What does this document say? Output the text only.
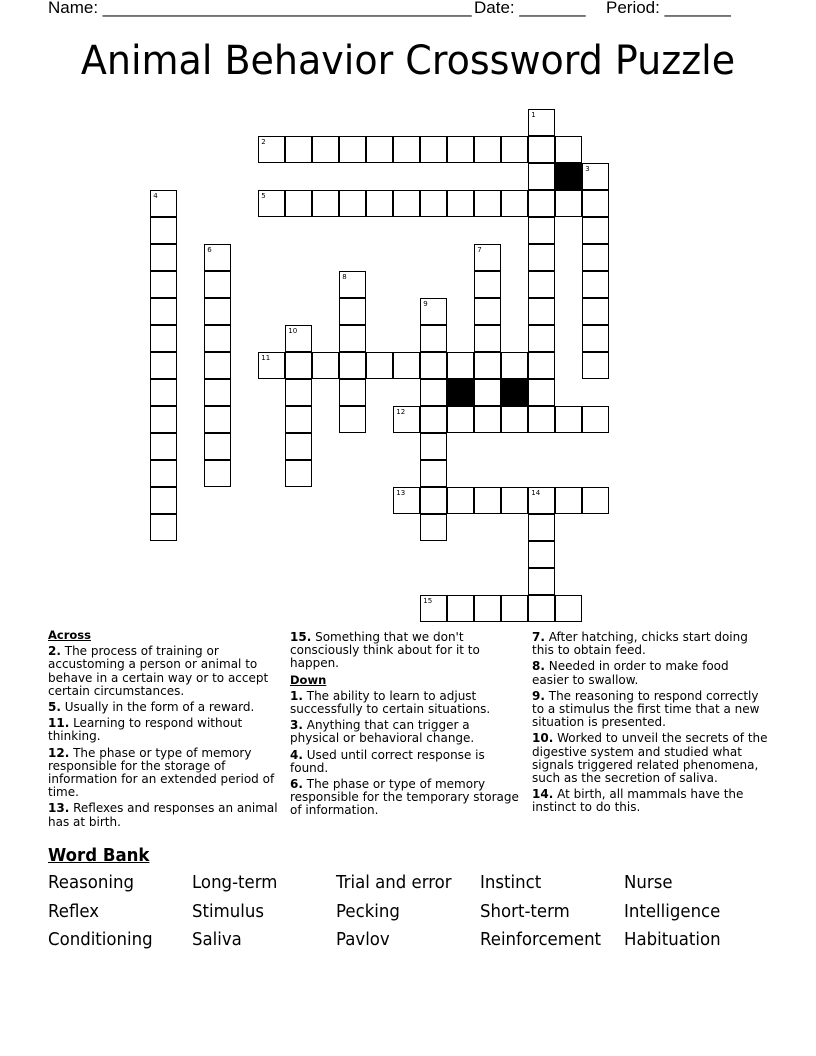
Name: _______________________________________

Date: _______

Period: _______

Animal Behavior Crossword Puzzle
1
2
3
4	5
6	7
8
9
10
11
12
13	14
15
Across
2. The process of training or accustoming a person or animal to behave in a certain way or to accept certain circumstances.
5. Usually in the form of a reward.
11. Learning to respond without thinking.
12. The phase or type of memory responsible for the storage of information for an extended period of time.
13. Reflexes and responses an animal has at birth.
15. Something that we don't consciously think about for it to happen.
Down
1. The ability to learn to adjust successfully to certain situations.
3. Anything that can trigger a physical or behavioral change.
4. Used until correct response is found.
6. The phase or type of memory responsible for the temporary storage of information.
7. After hatching, chicks start doing this to obtain feed.
8. Needed in order to make food easier to swallow.
9. The reasoning to respond correctly to a stimulus the first time that a new situation is presented.
10. Worked to unveil the secrets of the digestive system and studied what signals triggered related phenomena, such as the secretion of saliva.
14. At birth, all mammals have the instinct to do this.
Word Bank
Reasoning	Long-term	Trial and error	Instinct	Nurse
Reflex	Stimulus	Pecking	Short-term	Intelligence
Conditioning	Saliva	Pavlov	Reinforcement	Habituation
